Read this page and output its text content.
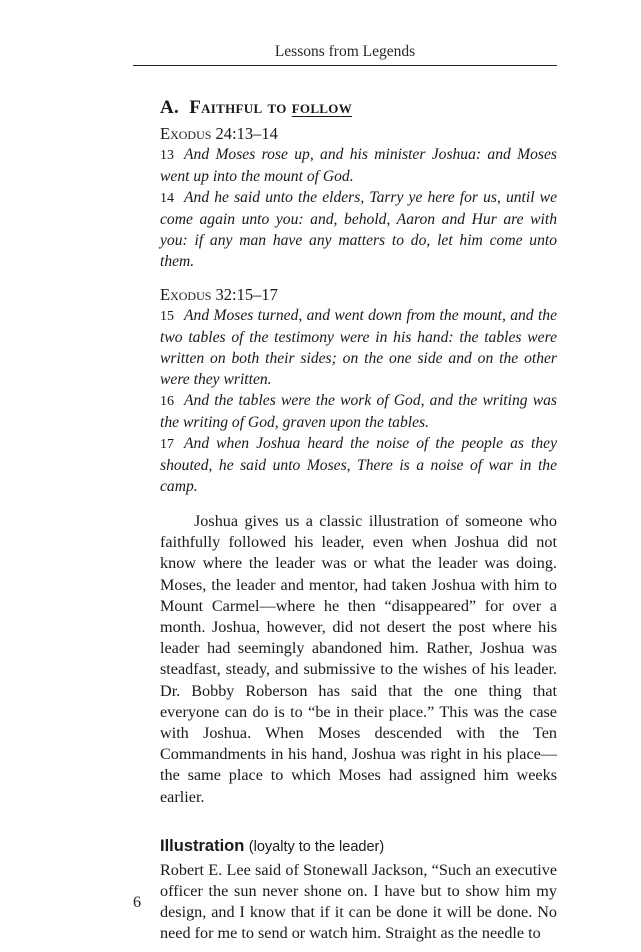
Lessons from Legends
A. Faithful to follow

Exodus 24:13–14

13 And Moses rose up, and his minister Joshua: and Moses went up into the mount of God.

14 And he said unto the elders, Tarry ye here for us, until we come again unto you: and, behold, Aaron and Hur are with you: if any man have any matters to do, let him come unto them.

Exodus 32:15–17

15 And Moses turned, and went down from the mount, and the two tables of the testimony were in his hand: the tables were written on both their sides; on the one side and on the other were they written.

16 And the tables were the work of God, and the writing was the writing of God, graven upon the tables.

17 And when Joshua heard the noise of the people as they shouted, he said unto Moses, There is a noise of war in the camp.

Joshua gives us a classic illustration of someone who faithfully followed his leader, even when Joshua did not know where the leader was or what the leader was doing. Moses, the leader and mentor, had taken Joshua with him to Mount Carmel—where he then “disappeared” for over a month. Joshua, however, did not desert the post where his leader had seemingly abandoned him. Rather, Joshua was steadfast, steady, and submissive to the wishes of his leader. Dr. Bobby Roberson has said that the one thing that everyone can do is to “be in their place.” This was the case with Joshua. When Moses descended with the Ten Commandments in his hand, Joshua was right in his place—the same place to which Moses had assigned him weeks earlier.

Illustration (loyalty to the leader)

Robert E. Lee said of Stonewall Jackson, “Such an executive officer the sun never shone on. I have but to show him my design, and I know that if it can be done it will be done. No need for me to send or watch him. Straight as the needle to

6
